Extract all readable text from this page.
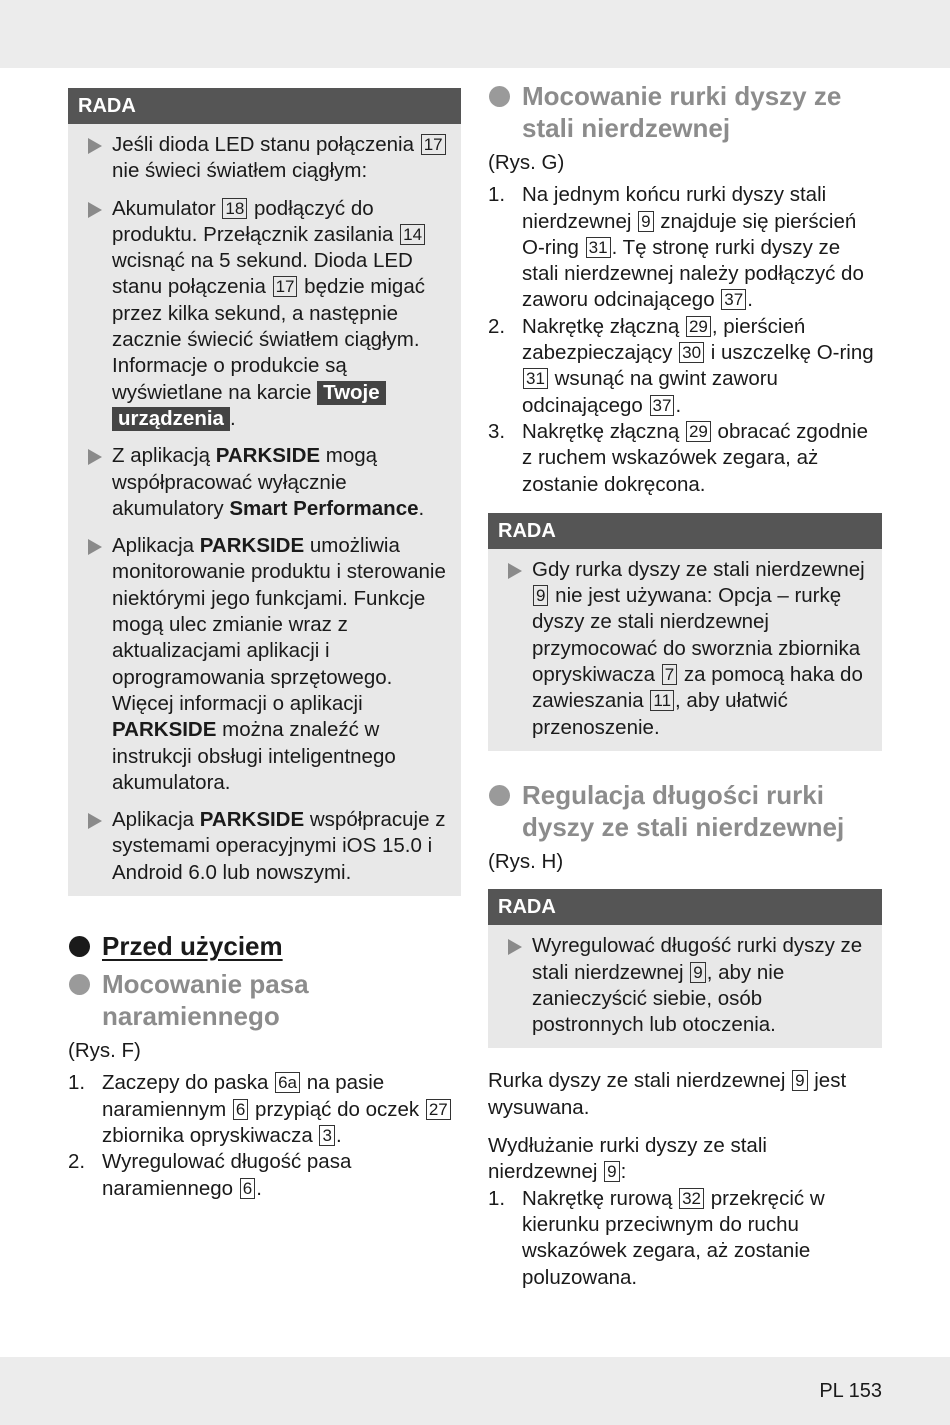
RADA
Jeśli dioda LED stanu połączenia 17 nie świeci światłem ciągłym:
Akumulator 18 podłączyć do produktu. Przełącznik zasilania 14 wcisnąć na 5 sekund. Dioda LED stanu połączenia 17 będzie migać przez kilka sekund, a następnie zacznie świecić światłem ciągłym. Informacje o produkcie są wyświetlane na karcie Twoje urządzenia .
Z aplikacją PARKSIDE mogą współpracować wyłącznie akumulatory Smart Performance.
Aplikacja PARKSIDE umożliwia monitorowanie produktu i sterowanie niektórymi jego funkcjami. Funkcje mogą ulec zmianie wraz z aktualizacjami aplikacji i oprogramowania sprzętowego. Więcej informacji o aplikacji PARKSIDE można znaleźć w instrukcji obsługi inteligentnego akumulatora.
Aplikacja PARKSIDE współpracuje z systemami operacyjnymi iOS 15.0 i Android 6.0 lub nowszymi.
Przed użyciem
Mocowanie pasa naramiennego
(Rys. F)
1. Zaczepy do paska 6a na pasie naramiennym 6 przypiąć do oczek 27 zbiornika opryskiwacza 3 .
2. Wyregulować długość pasa naramiennego 6 .
Mocowanie rurki dyszy ze stali nierdzewnej
(Rys. G)
1. Na jednym końcu rurki dyszy stali nierdzewnej 9 znajduje się pierścień O-ring 31 . Tę stronę rurki dyszy ze stali nierdzewnej należy podłączyć do zaworu odcinającego 37 .
2. Nakrętkę złączną 29 , pierścień zabezpieczający 30 i uszczelkę O-ring 31 wsunąć na gwint zaworu odcinającego 37 .
3. Nakrętkę złączną 29 obracać zgodnie z ruchem wskazówek zegara, aż zostanie dokręcona.
RADA
Gdy rurka dyszy ze stali nierdzewnej 9 nie jest używana: Opcja – rurkę dyszy ze stali nierdzewnej przymocować do sworznia zbiornika opryskiwacza 7 za pomocą haka do zawieszania 11 , aby ułatwić przenoszenie.
Regulacja długości rurki dyszy ze stali nierdzewnej
(Rys. H)
RADA
Wyregulować długość rurki dyszy ze stali nierdzewnej 9 , aby nie zanieczyścić siebie, osób postronnych lub otoczenia.
Rurka dyszy ze stali nierdzewnej 9 jest wysuwana.
Wydłużanie rurki dyszy ze stali nierdzewnej 9 :
1. Nakrętkę rurową 32 przekręcić w kierunku przeciwnym do ruchu wskazówek zegara, aż zostanie poluzowana.
PL 153
